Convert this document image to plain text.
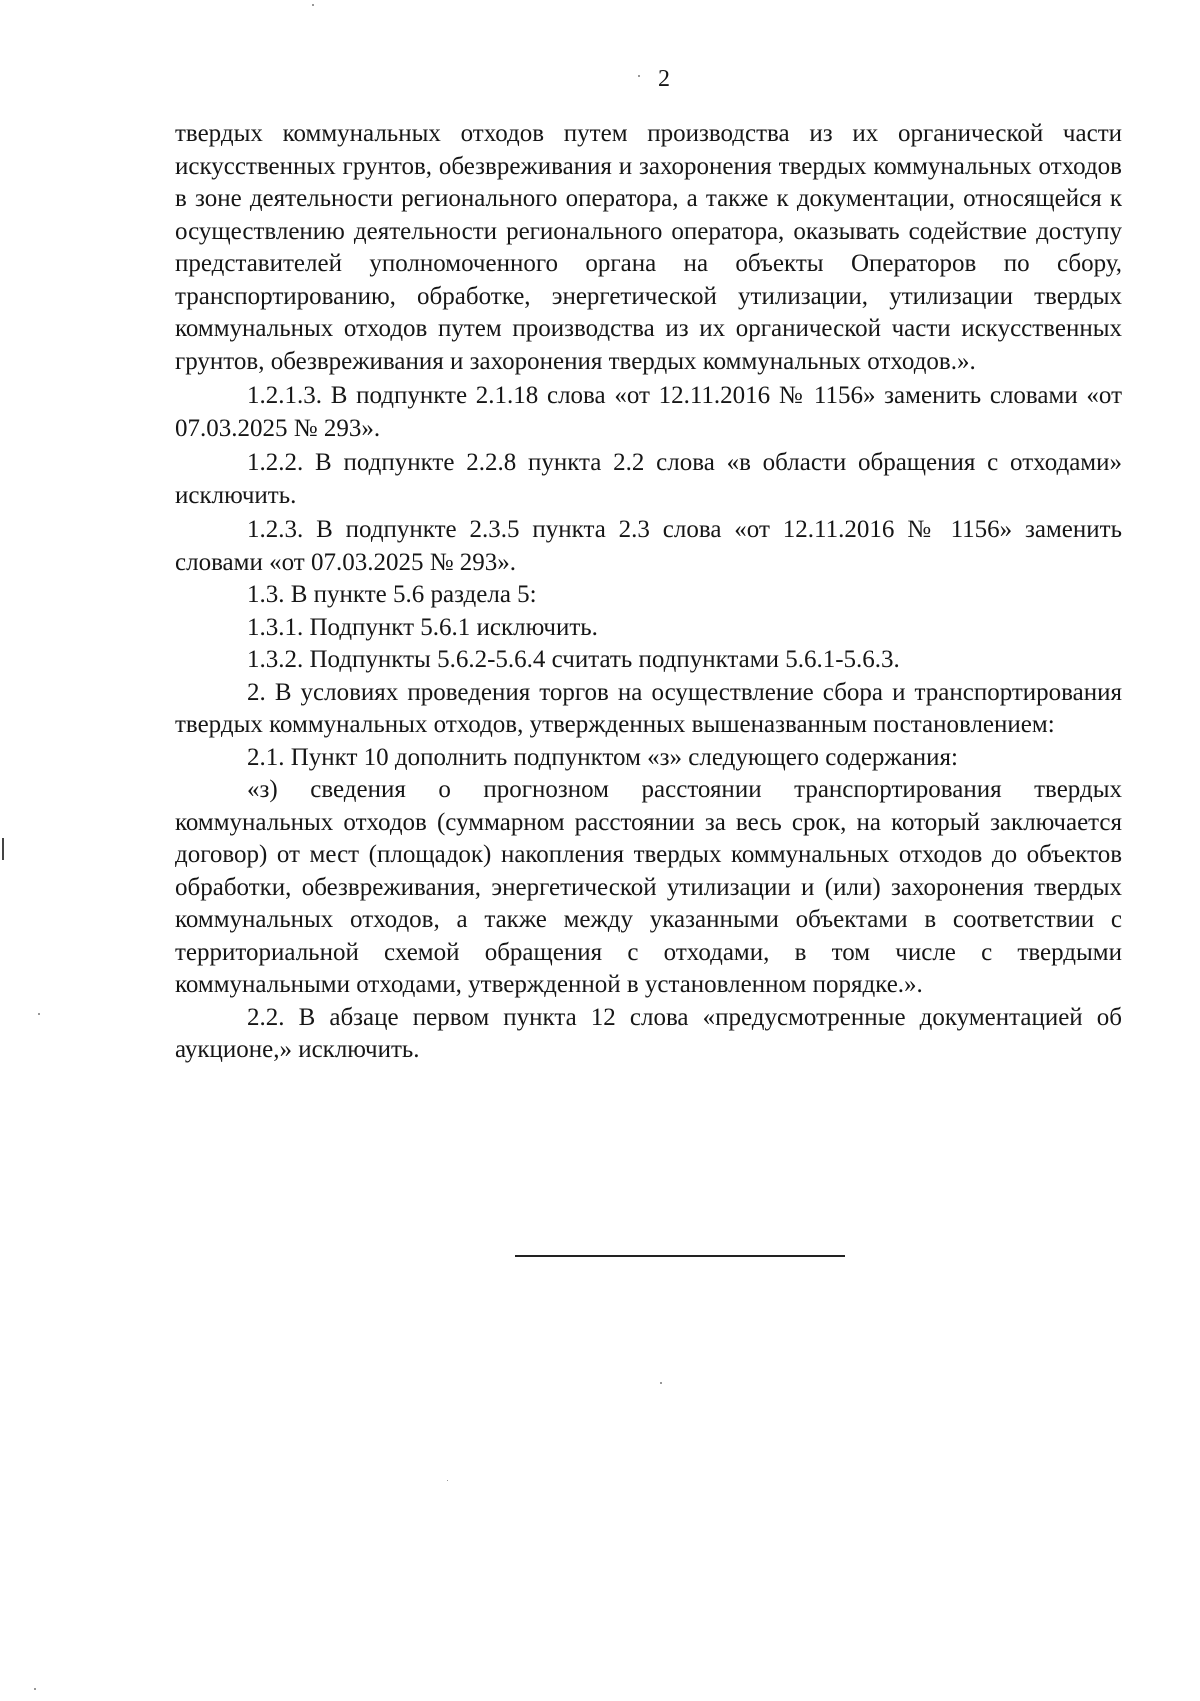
2

твердых коммунальных отходов путем производства из их органической части искусственных грунтов, обезвреживания и захоронения твердых коммунальных отходов в зоне деятельности регионального оператора, а также к документации, относящейся к осуществлению деятельности регионального оператора, оказывать содействие доступу представителей уполномоченного органа на объекты Операторов по сбору, транспортированию, обработке, энергетической утилизации, утилизации твердых коммунальных отходов путем производства из их органической части искусственных грунтов, обезвреживания и захоронения твердых коммунальных отходов.».

1.2.1.3. В подпункте 2.1.18 слова «от 12.11.2016 № 1156» заменить словами «от 07.03.2025 № 293».

1.2.2. В подпункте 2.2.8 пункта 2.2 слова «в области обращения с отходами» исключить.

1.2.3. В подпункте 2.3.5 пункта 2.3 слова «от 12.11.2016 № 1156» заменить словами «от 07.03.2025 № 293».

1.3. В пункте 5.6 раздела 5:

1.3.1. Подпункт 5.6.1 исключить.

1.3.2. Подпункты 5.6.2-5.6.4 считать подпунктами 5.6.1-5.6.3.

2. В условиях проведения торгов на осуществление сбора и транспортирования твердых коммунальных отходов, утвержденных вышеназванным постановлением:

2.1. Пункт 10 дополнить подпунктом «з» следующего содержания:

«з) сведения о прогнозном расстоянии транспортирования твердых коммунальных отходов (суммарном расстоянии за весь срок, на который заключается договор) от мест (площадок) накопления твердых коммунальных отходов до объектов обработки, обезвреживания, энергетической утилизации и (или) захоронения твердых коммунальных отходов, а также между указанными объектами в соответствии с территориальной схемой обращения с отходами, в том числе с твердыми коммунальными отходами, утвержденной в установленном порядке.».

2.2. В абзаце первом пункта 12 слова «предусмотренные документацией об аукционе,» исключить.
